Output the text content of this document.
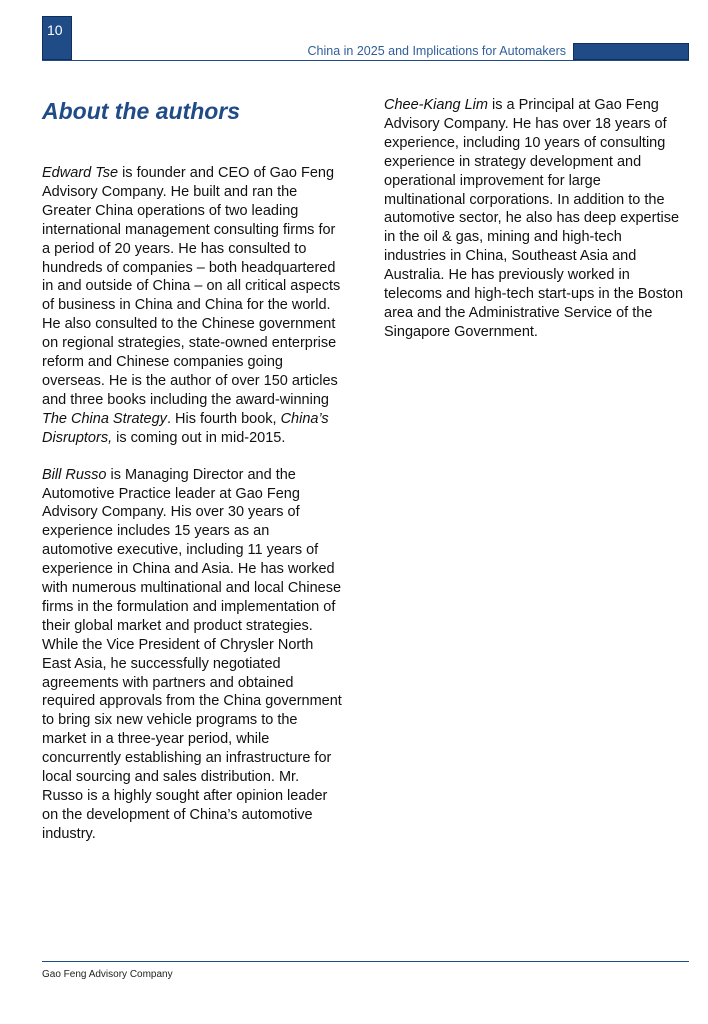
10
China in 2025 and Implications for Automakers
About the authors

Edward Tse is founder and CEO of Gao Feng Advisory Company. He built and ran the Greater China operations of two leading international management consulting firms for a period of 20 years. He has consulted to hundreds of companies – both headquartered in and outside of China – on all critical aspects of business in China and China for the world. He also consulted to the Chinese government on regional strategies, state-owned enterprise reform and Chinese companies going overseas. He is the author of over 150 articles and three books including the award-winning The China Strategy. His fourth book, China’s Disruptors, is coming out in mid-2015.

Bill Russo is Managing Director and the Automotive Practice leader at Gao Feng Advisory Company. His over 30 years of experience includes 15 years as an automotive executive, including 11 years of experience in China and Asia. He has worked with numerous multinational and local Chinese firms in the formulation and implementation of their global market and product strategies. While the Vice President of Chrysler North East Asia, he successfully negotiated agreements with partners and obtained required approvals from the China government to bring six new vehicle programs to the market in a three-year period, while concurrently establishing an infrastructure for local sourcing and sales distribution. Mr. Russo is a highly sought after opinion leader on the development of China’s automotive industry.

Chee-Kiang Lim is a Principal at Gao Feng Advisory Company. He has over 18 years of experience, including 10 years of consulting experience in strategy development and operational improvement for large multinational corporations. In addition to the automotive sector, he also has deep expertise in the oil & gas, mining and high-tech industries in China, Southeast Asia and Australia. He has previously worked in telecoms and high-tech start-ups in the Boston area and the Administrative Service of the Singapore Government.

Gao Feng Advisory Company
